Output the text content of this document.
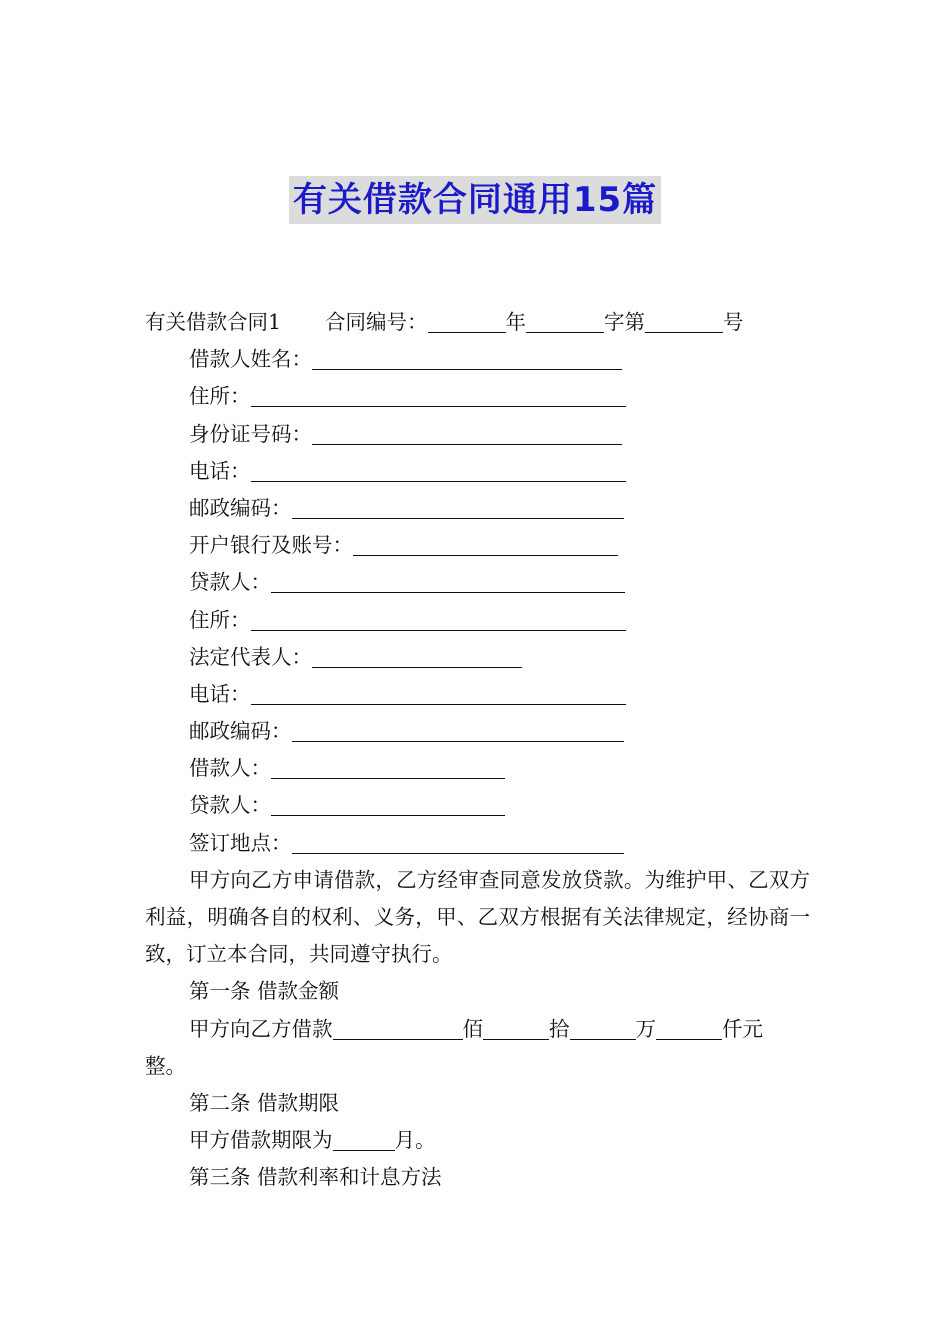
有关借款合同通用15篇
有关借款合同1 合同编号：	年	字第	号
借款人姓名：
住所：
身份证号码：
电话：
邮政编码：
开户银行及账号：
贷款人：
住所：
法定代表人：
电话：
邮政编码：
借款人：
贷款人：
签订地点：
甲方向乙方申请借款，乙方经审查同意发放贷款。为维护甲、乙双方利益，明确各自的权利、义务，甲、乙双方根据有关法律规定，经协商一致，订立本合同，共同遵守执行。
第一条 借款金额
甲方向乙方借款	佰	拾	万	仟元
整。
第二条 借款期限
甲方借款期限为	月。
第三条 借款利率和计息方法
